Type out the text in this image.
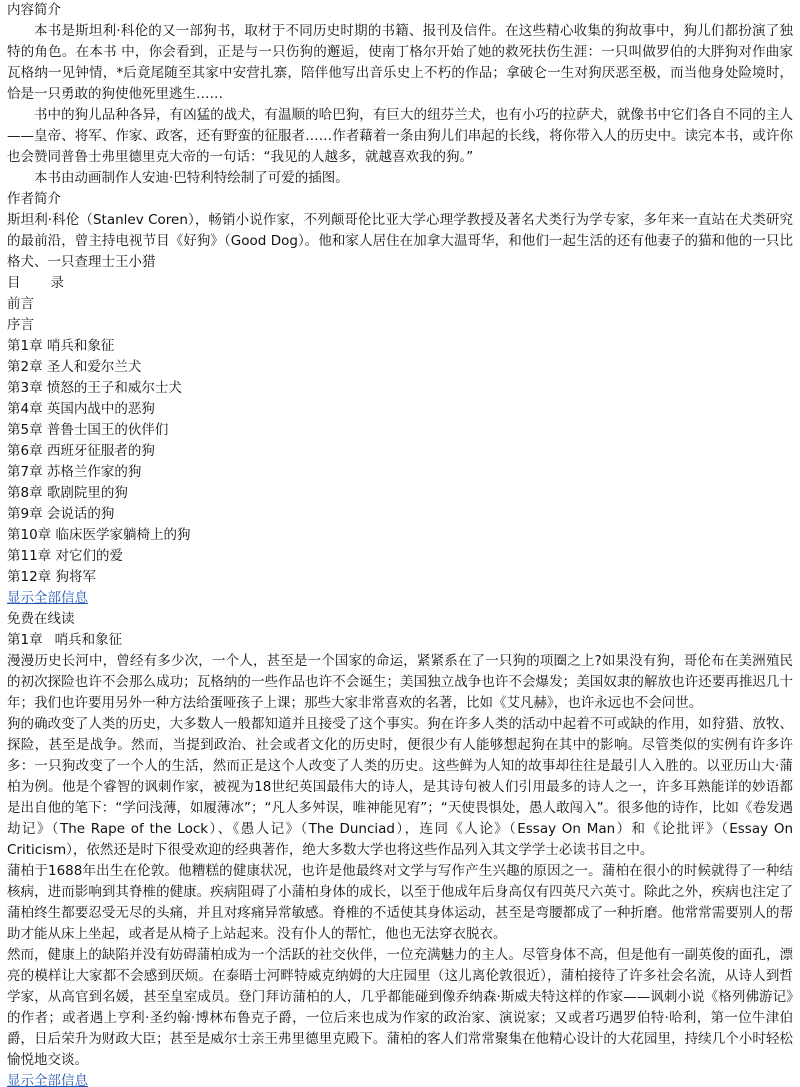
内容简介

本书是斯坦利·科伦的又一部狗书，取材于不同历史时期的书籍、报刊及信件。在这些精心收集的狗故事中，狗儿们都扮演了独特的角色。在本书 中，你会看到，正是与一只伤狗的邂逅，使南丁格尔开始了她的救死扶伤生涯：一只叫做罗伯的大胖狗对作曲家瓦格纳一见钟情，*后竟尾随至其家中安营扎寨，陪伴他写出音乐史上不朽的作品；拿破仑一生对狗厌恶至极，而当他身处险境时，恰是一只勇敢的狗使他死里逃生……

书中的狗儿品种各异，有凶猛的战犬，有温顺的哈巴狗，有巨大的纽芬兰犬，也有小巧的拉萨犬，就像书中它们各自不同的主人——皇帝、将军、作家、政客，还有野蛮的征服者……作者藉着一条由狗儿们串起的长线，将你带入人的历史中。读完本书，或许你也会赞同普鲁士弗里德里克大帝的一句话：“我见的人越多，就越喜欢我的狗。”

本书由动画制作人安迪·巴特利特绘制了可爱的插图。

作者简介

斯坦利·科伦（Stanlev Coren），畅销小说作家，不列颠哥伦比亚大学心理学教授及著名犬类行为学专家，多年来一直站在犬类研究的最前沿，曾主持电视节目《好狗》（Good Dog）。他和家人居住在加拿大温哥华，和他们一起生活的还有他妻子的猫和他的一只比格犬、一只查理士王小猎

目 录
前言
序言
第1章 哨兵和象征
第2章 圣人和爱尔兰犬
第3章 愤怒的王子和威尔士犬
第4章 英国内战中的恶狗
第5章 普鲁士国王的伙伴们
第6章 西班牙征服者的狗
第7章 苏格兰作家的狗
第8章 歌剧院里的狗
第9章 会说话的狗
第10章 临床医学家躺椅上的狗
第11章 对它们的爱
第12章 狗将军
显示全部信息
免费在线读
第1章 哨兵和象征

漫漫历史长河中，曾经有多少次，一个人，甚至是一个国家的命运，紧紧系在了一只狗的项圈之上?如果没有狗，哥伦布在美洲殖民的初次探险也许不会那么成功；瓦格纳的一些作品也许不会诞生；美国独立战争也许不会爆发；美国奴隶的解放也许还要再推迟几十年；我们也许要用另外一种方法给蛋哑孩子上课；那些大家非常喜欢的名著，比如《艾凡赫》，也许永远也不会问世。

狗的确改变了人类的历史，大多数人一般都知道并且接受了这个事实。狗在许多人类的活动中起着不可或缺的作用，如狩猎、放牧、探险，甚至是战争。然而，当提到政治、社会或者文化的历史时，便很少有人能够想起狗在其中的影响。尽管类似的实例有许多许多：一只狗改变了一个人的生活，然而正是这个人改变了人类的历史。这些鲜为人知的故事却往往是最引人入胜的。以亚历山大·蒲柏为例。他是个睿智的讽刺作家，被视为18世纪英国最伟大的诗人，是其诗句被人们引用最多的诗人之一，许多耳熟能详的妙语都是出自他的笔下：“学问浅薄，如履薄冰”；“凡人多舛误，唯神能见宥”；“天使畏惧处，愚人敢闯入”。很多他的诗作，比如《卷发遇劫记》（The Rape of the Lock）、《愚人记》（The Dunciad），连同《人论》（Essay On Man）和《论批评》（Essay On Criticism），依然还是时下很受欢迎的经典著作，绝大多数大学也将这些作品列入其文学学士必读书目之中。

蒲柏于1688年出生在伦敦。他糟糕的健康状况，也许是他最终对文学与写作产生兴趣的原因之一。蒲柏在很小的时候就得了一种结核病，进而影响到其脊椎的健康。疾病阻碍了小蒲柏身体的成长，以至于他成年后身高仅有四英尺六英寸。除此之外，疾病也注定了蒲柏终生都要忍受无尽的头痛，并且对疼痛异常敏感。脊椎的不适使其身体运动，甚至是弯腰都成了一种折磨。他常常需要别人的帮助才能从床上坐起，或者是从椅子上站起来。没有仆人的帮忙，他也无法穿衣脱衣。

然而，健康上的缺陷并没有妨碍蒲柏成为一个活跃的社交伙伴，一位充满魅力的主人。尽管身体不高，但是他有一副英俊的面孔，漂亮的模样让大家都不会感到厌烦。在泰晤士河畔特威克纳姆的大庄园里（这儿离伦敦很近），蒲柏接待了许多社会名流，从诗人到哲学家，从高官到名媛，甚至皇室成员。登门拜访蒲柏的人，几乎都能碰到像乔纳森·斯威夫特这样的作家——讽刺小说《格列佛游记》的作者；或者遇上亨利·圣约翰·博林布鲁克子爵，一位后来也成为作家的政治家、演说家；又或者巧遇罗伯特·哈利，第一位牛津伯爵，日后荣升为财政大臣；甚至是威尔士亲王弗里德里克殿下。蒲柏的客人们常常聚集在他精心设计的大花园里，持续几个小时轻松愉悦地交谈。

显示全部信息
